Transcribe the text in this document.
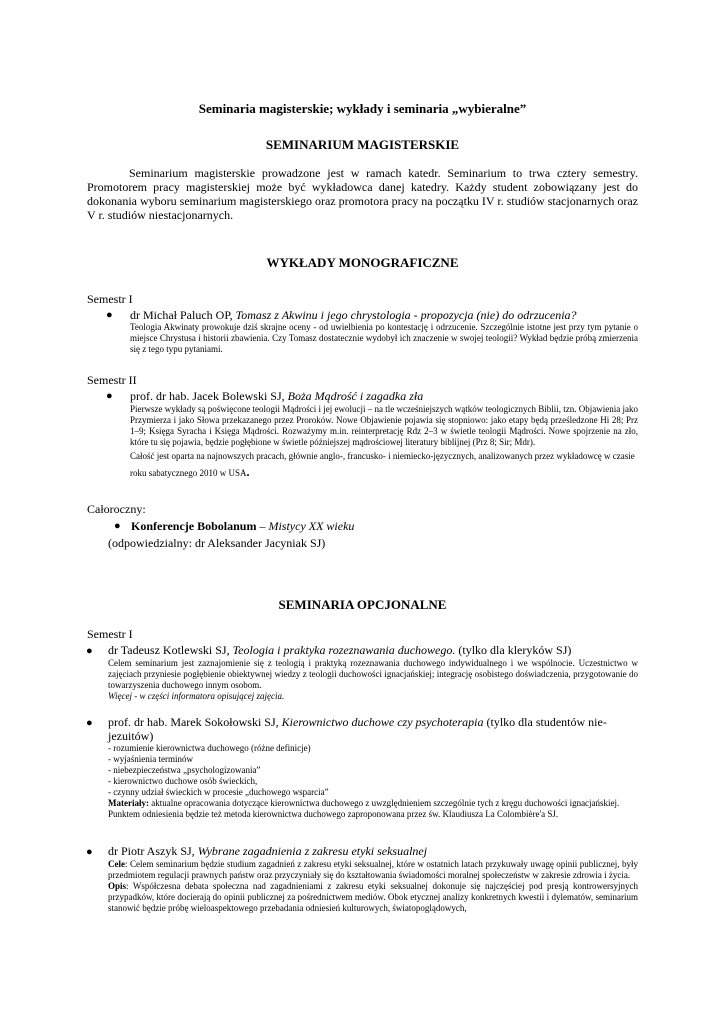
Seminaria magisterskie; wykłady i seminaria „wybieralne”
SEMINARIUM MAGISTERSKIE

Seminarium magisterskie prowadzone jest w ramach katedr. Seminarium to trwa cztery semestry. Promotorem pracy magisterskiej może być wykładowca danej katedry. Każdy student zobowiązany jest do dokonania wyboru seminarium magisterskiego oraz promotora pracy na początku IV r. studiów stacjonarnych oraz V r. studiów niestacjonarnych.

WYKŁADY MONOGRAFICZNE

Semestr I

● dr Michał Paluch OP, Tomasz z Akwinu i jego chrystologia - propozycja (nie) do odrzucenia?

Teologia Akwinaty prowokuje dziś skrajne oceny - od uwielbienia po kontestację i odrzucenie. Szczególnie istotne jest przy tym pytanie o miejsce Chrystusa i historii zbawienia. Czy Tomasz dostatecznie wydobył ich znaczenie w swojej teologii? Wykład będzie próbą zmierzenia się z tego typu pytaniami.

Semestr II

● prof. dr hab. Jacek Bolewski SJ, Boża Mądrość i zagadka zła

Pierwsze wykłady są poświęcone teologii Mądrości i jej ewolucji – na tle wcześniejszych wątków teologicznych Biblii, tzn. Objawienia jako Przymierza i jako Słowa przekazanego przez Proroków. Nowe Objawienie pojawia się stopniowo: jako etapy będą prześledzone Hi 28; Prz 1–9; Księga Syracha i Księga Mądrości. Rozważymy m.in. reinterpretację Rdz 2–3 w świetle teologii Mądrości. Nowe spojrzenie na zło, które tu się pojawia, będzie pogłębione w świetle późniejszej mądrościowej literatury biblijnej (Prz 8; Sir; Mdr).

Całość jest oparta na najnowszych pracach, głównie anglo-, francusko- i niemiecko-języcznych, analizowanych przez wykładowcę w czasie roku sabatycznego 2010 w USA.

Całoroczny:

● Konferencje Bobolanum – Mistycy XX wieku

(odpowiedzialny: dr Aleksander Jacyniak SJ)

SEMINARIA OPCJONALNE

Semestr I

● dr Tadeusz Kotlewski SJ, Teologia i praktyka rozeznawania duchowego. (tylko dla kleryków SJ)

Celem seminarium jest zaznajomienie się z teologią i praktyką rozeznawania duchowego indywidualnego i we wspólnocie. Uczestnictwo w zajęciach przyniesie pogłębienie obiektywnej wiedzy z teologii duchowości ignacjańskiej; integrację osobistego doświadczenia, przygotowanie do towarzyszenia duchowego innym osobom.

Więcej - w części informatora opisującej zajęcia.

● prof. dr hab. Marek Sokołowski SJ, Kierownictwo duchowe czy psychoterapia (tylko dla studentów nie-jezuitów)

- rozumienie kierownictwa duchowego (różne definicje)

- wyjaśnienia terminów

- niebezpieczeństwa „psychologizowania”

- kierownictwo duchowe osób świeckich,

- czynny udział świeckich w procesie „duchowego wsparcia”

Materiały: aktualne opracowania dotyczące kierownictwa duchowego z uwzględnieniem szczególnie tych z kręgu duchowości ignacjańskiej.

Punktem odniesienia będzie też metoda kierownictwa duchowego zaproponowana przez św. Klaudiusza La Colombière'a SJ.

● dr Piotr Aszyk SJ, Wybrane zagadnienia z zakresu etyki seksualnej

Cele: Celem seminarium będzie studium zagadnień z zakresu etyki seksualnej, które w ostatnich latach przykuwały uwagę opinii publicznej, były przedmiotem regulacji prawnych państw oraz przyczyniały się do kształtowania świadomości moralnej społeczeństw w zakresie zdrowia i życia.

Opis: Współczesna debata społeczna nad zagadnieniami z zakresu etyki seksualnej dokonuje się najczęściej pod presją kontrowersyjnych przypadków, które docierają do opinii publicznej za pośrednictwem mediów. Obok etycznej analizy konkretnych kwestii i dylematów, seminarium stanowić będzie próbę wieloaspektowego przebadania odniesień kulturowych, światopoglądowych,
